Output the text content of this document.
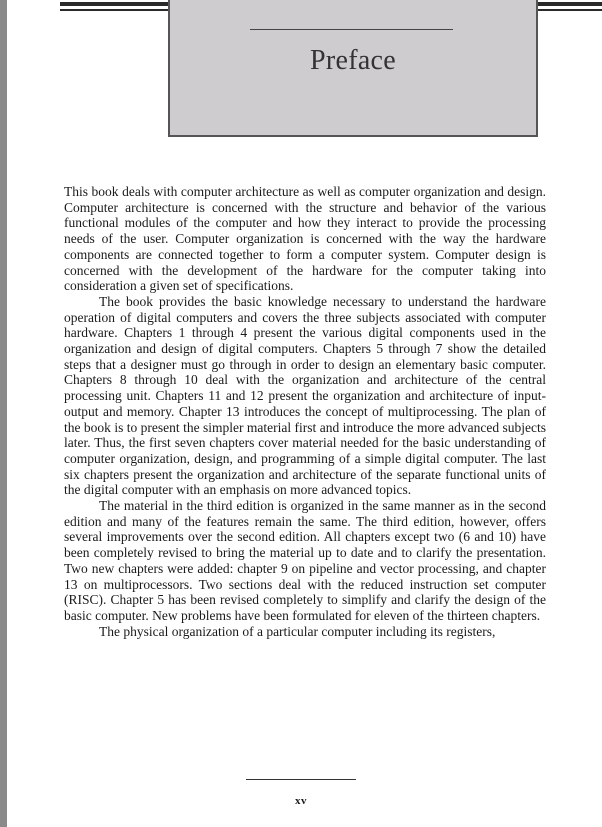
Preface

This book deals with computer architecture as well as computer organization and design. Computer architecture is concerned with the structure and behavior of the various functional modules of the computer and how they interact to provide the processing needs of the user. Computer organization is concerned with the way the hardware components are connected together to form a computer system. Computer design is concerned with the development of the hardware for the computer taking into consideration a given set of specifications.

The book provides the basic knowledge necessary to understand the hardware operation of digital computers and covers the three subjects associated with computer hardware. Chapters 1 through 4 present the various digital components used in the organization and design of digital computers. Chapters 5 through 7 show the detailed steps that a designer must go through in order to design an elementary basic computer. Chapters 8 through 10 deal with the organization and architecture of the central processing unit. Chapters 11 and 12 present the organization and architecture of input-output and memory. Chapter 13 introduces the concept of multiprocessing. The plan of the book is to present the simpler material first and introduce the more advanced subjects later. Thus, the first seven chapters cover material needed for the basic understanding of computer organization, design, and programming of a simple digital computer. The last six chapters present the organization and architecture of the separate functional units of the digital computer with an emphasis on more advanced topics.

The material in the third edition is organized in the same manner as in the second edition and many of the features remain the same. The third edition, however, offers several improvements over the second edition. All chapters except two (6 and 10) have been completely revised to bring the material up to date and to clarify the presentation. Two new chapters were added: chapter 9 on pipeline and vector processing, and chapter 13 on multiprocessors. Two sections deal with the reduced instruction set computer (RISC). Chapter 5 has been revised completely to simplify and clarify the design of the basic computer. New problems have been formulated for eleven of the thirteen chapters.

The physical organization of a particular computer including its registers,

xv
